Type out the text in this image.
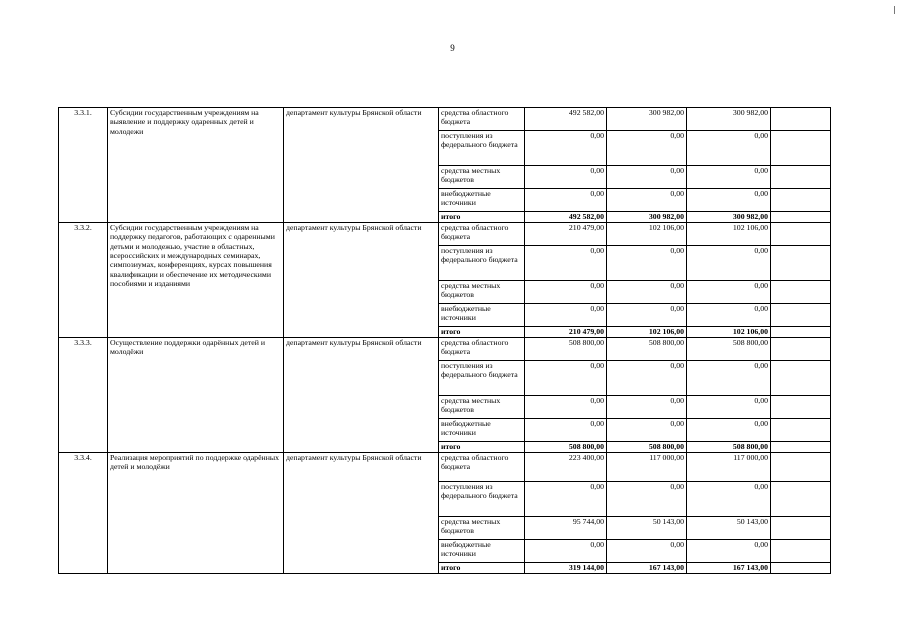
9
3.3.1.	Субсидии государственным учреждениям на выявление и поддержку одаренных детей и молодежи	департамент культуры Брянской области	средства областного бюджета	492 582,00	300 982,00	300 982,00	
			поступления из федерального бюджета	0,00	0,00	0,00	
			средства местных бюджетов	0,00	0,00	0,00	
			внебюджетные источники	0,00	0,00	0,00	
			итого	492 582,00	300 982,00	300 982,00	
3.3.2.	Субсидии государственным учреждениям на поддержку педагогов, работающих с одаренными детьми и молодежью, участие в областных, всероссийских и международных семинарах, симпозиумах, конференциях, курсах повышения квалификации и обеспечение их методическими пособиями и изданиями	департамент культуры Брянской области	средства областного бюджета	210 479,00	102 106,00	102 106,00	
			поступления из федерального бюджета	0,00	0,00	0,00	
			средства местных бюджетов	0,00	0,00	0,00	
			внебюджетные источники	0,00	0,00	0,00	
			итого	210 479,00	102 106,00	102 106,00	
3.3.3.	Осуществление поддержки одарённых детей и молодёжи	департамент культуры Брянской области	средства областного бюджета	508 800,00	508 800,00	508 800,00	
			поступления из федерального бюджета	0,00	0,00	0,00	
			средства местных бюджетов	0,00	0,00	0,00	
			внебюджетные источники	0,00	0,00	0,00	
			итого	508 800,00	508 800,00	508 800,00	
3.3.4.	Реализация мероприятий по поддержке одарённых детей и молодёжи	департамент культуры Брянской области	средства областного бюджета	223 400,00	117 000,00	117 000,00	
			поступления из федерального бюджета	0,00	0,00	0,00	
			средства местных бюджетов	95 744,00	50 143,00	50 143,00	
			внебюджетные источники	0,00	0,00	0,00	
			итого	319 144,00	167 143,00	167 143,00	
